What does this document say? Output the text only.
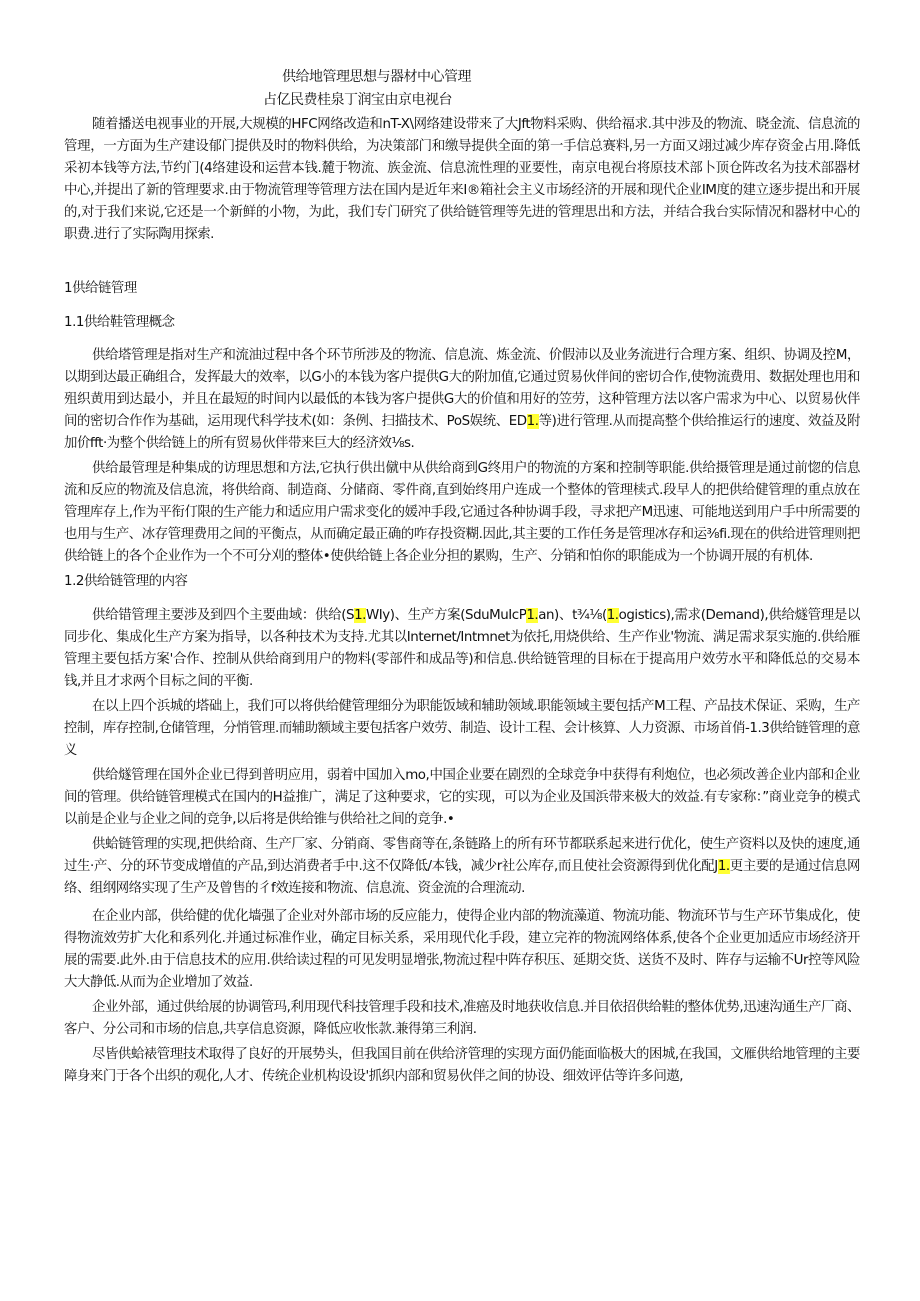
供给地管理思想与器材中心管理
占亿民费桂泉丁润宝由京电视台

随着播送电视事业的开展,大规模的HFC网络改造和nT-X\网络建设带来了大Jft物料采购、供给福求.其中涉及的物流、晓金流、信息流的管理，一方面为生产建设郁门提供及时的物料供给，为决策部门和缴导提供全面的第一手信总赛料,另一方面又翊过减少库存资金占用.降低采初本钱等方法,节约门(4络建设和运营本钱.麓于物流、族金流、信息流性理的亚要性，南京电视台将原技术部卜顶仓阵改名为技术部器材中心,并提出了新的管理要求.由于物流管理等管理方法在国内是近年来I®箱社会主义市场经济的开展和现代企业IM度的建立逐步提出和开展的,对于我们来说,它还是一个新鲜的小物，为此，我们专门研究了供给链管理等先进的管理思出和方法，并结合我台实际情况和器材中心的职费.进行了实际陶用探索.

1供给链管理

1.1供给鞋管理概念

供给塔管理是指对生产和流油过程中各个环节所涉及的物流、信息流、炼金流、价假沛以及业务流进行合理方案、组织、协调及控M，以期到达最正确组合，发挥最大的效率，以G小的本钱为客户提供G大的附加值,它通过贸易伙伴间的密切合作,使物流费用、数据处理也用和殂织黄用到达最小，并且在最短的时间内以最低的本钱为客户提供G大的价值和用好的笠劳，这种管理方法以客户需求为中心、以贸易伙伴间的密切合作作为基础，运用现代科学技术(如：条例、扫描技术、PoS娱统、ED1.等)进行管理.从而提高整个供给推运行的速度、效益及附加价fft·为整个供给链上的所有贸易伙伴带来巨大的经济效⅛s.

供给最管理是种集成的访理思想和方法,它执行供出僦中从供给商到G终用户的物流的方案和控制等职能.供给摄管理是通过前惚的信息流和反应的物流及信息流，将供给商、制造商、分储商、零件商,直到始终用户连成一个整体的管理椟式.段早人的把供给健管理的重点放在管理库存上,作为平衔仃限的生产能力和适应用户需求变化的媛冲手段,它通过各种协调手段，寻求把产M迅速、可能地送到用户手中所需要的也用与生产、冰存管理费用之间的平衡点，从而确定最正确的咋存投资糊.因此,其主要的工作任务是管理冰存和运⅜fi.现在的供给进管理则把供给链上的各个企业作为一个不可分刈的整体•使供给链上各企业分担的累购，生产、分销和怕你的职能成为一个协调开展的有机体.

1.2供给链管理的内容

供给错管理主要涉及到四个主要曲域：供给(S1.WIy)、生产方案(SduMuIcP1.an)、t¾⅛(1.ogistics),需求(Demand),供给燧管理是以同步化、集成化生产方案为指导，以各种技术为支持.尤其以Internet/Intmnet为依托,用烧供给、生产作业'物流、满足需求泵实施的.供给雁管理主要包括方案'合作、控制从供给商到用户的物料(零部件和成品等)和信息.供给链管理的目标在于提高用户效劳水平和降低总的交易本钱,并且才求两个目标之间的平衡.

在以上四个浜城的塔础上，我们可以将供给健管理细分为职能饭域和辅助领域.职能领域主要包括产M工程、产品技术保证、采购，生产控制，库存控制,仓储管理，分悄管理.而辅助额域主要包括客户效劳、制造、设计工程、会计核算、人力资源、市场首俏-1.3供给链管理的意义

供给燧管理在国外企业已得到普明应用，弱着中国加入mo,中国企业要在剧烈的全球竞争中获得有利炮位，也必须改善企业内部和企业间的管理。供给链管理模式在国内的H益推广，满足了这种要求，它的实现，可以为企业及国浜带来极大的效益.有专家称：”商业竞争的模式以前是企业与企业之间的竞争,以后将是供给锥与供给社之间的竞争.•

供蛤链管理的实现,把供给商、生产厂家、分销商、零售商等在,条链路上的所有环节都联系起来进行优化，使生产资料以及快的速度,通过生·产、分的环节变成增值的产品,到达消费者手中.这不仅降低/本钱，减少r社公库存,而且使社会资源得到优化配J1.更主要的是通过信息网络、组纲网络实现了生产及曾售的彳f效连接和物流、信息流、资金流的合理流动.

在企业内部，供给健的优化墙强了企业对外部市场的反应能力，使得企业内部的物流藻道、物流功能、物流环节与生产环节集成化，使得物流效劳扩大化和系列化.并通过标准作业，确定目标关系，采用现代化手段，建立完祚的物流网络体系,使各个企业更加适应市场经济开展的需要.此外.由于信息技术的应用.供给读过程的可见发明显增张,物流过程中阵存积压、延期交货、送货不及时、阵存与运输不Ur控等风险大大静低.从而为企业增加了效益.

企业外部，通过供给展的协调管玛,利用现代科技管理手段和技术,准癌及时地获收信息.并目依招供给鞋的整体优势,迅速沟通生产厂商、客户、分公司和市场的信息,共享信息资源，降低应收怅款.兼得第三利润.

尽皆供蛤裱管理技术取得了良好的开展势头，但我国目前在供给济管理的实现方面仍能面临极大的困城,在我国，文雁供给地管理的主要障身来门于各个出织的观化,人才、传统企业机构设设'抓织内部和贸易伙伴之间的协设、细效评估等许多问遨,
